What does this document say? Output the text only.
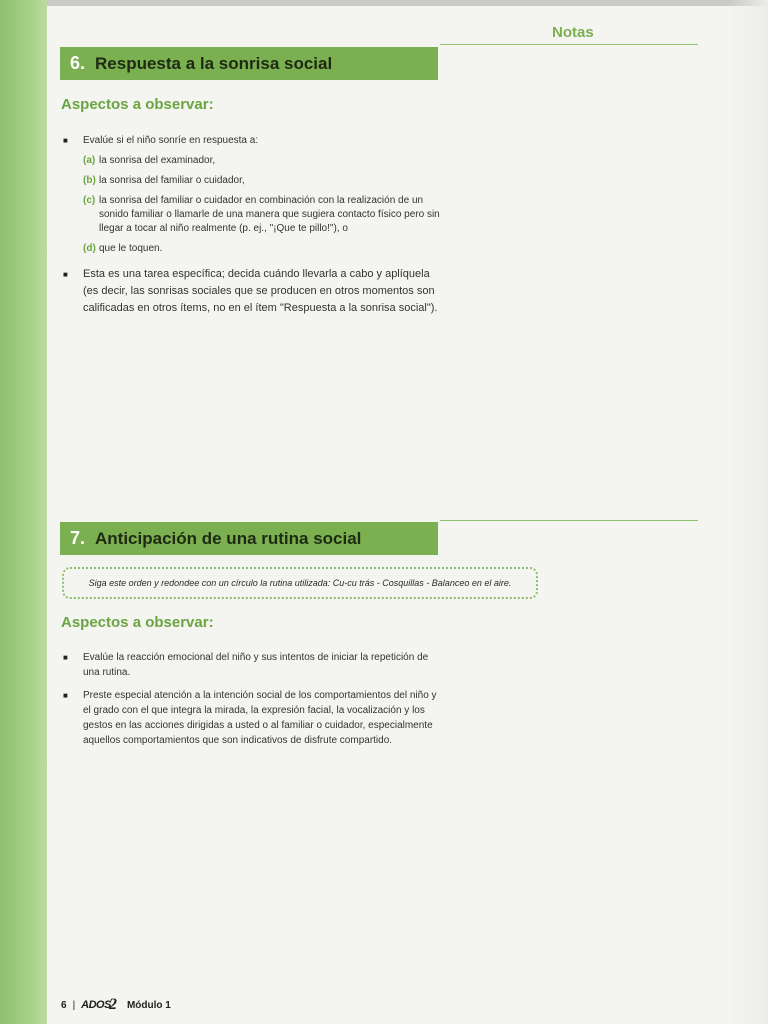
Notas
6. Respuesta a la sonrisa social
Aspectos a observar:
■ Evalúe si el niño sonríe en respuesta a:
(a) la sonrisa del examinador,
(b) la sonrisa del familiar o cuidador,
(c) la sonrisa del familiar o cuidador en combinación con la realización de un sonido familiar o llamarle de una manera que sugiera contacto físico pero sin llegar a tocar al niño realmente (p. ej., "¡Que te pillo!"), o
(d) que le toquen.
■ Esta es una tarea específica; decida cuándo llevarla a cabo y aplíquela (es decir, las sonrisas sociales que se producen en otros momentos son calificadas en otros ítems, no en el ítem "Respuesta a la sonrisa social").
7. Anticipación de una rutina social
Siga este orden y redondee con un círculo la rutina utilizada: Cu-cu trás - Cosquillas - Balanceo en el aire.
Aspectos a observar:
■ Evalúe la reacción emocional del niño y sus intentos de iniciar la repetición de una rutina.
■ Preste especial atención a la intención social de los comportamientos del niño y el grado con el que integra la mirada, la expresión facial, la vocalización y los gestos en las acciones dirigidas a usted o al familiar o cuidador, especialmente aquellos comportamientos que son indicativos de disfrute compartido.
6 | ADOS
2 Módulo 1
